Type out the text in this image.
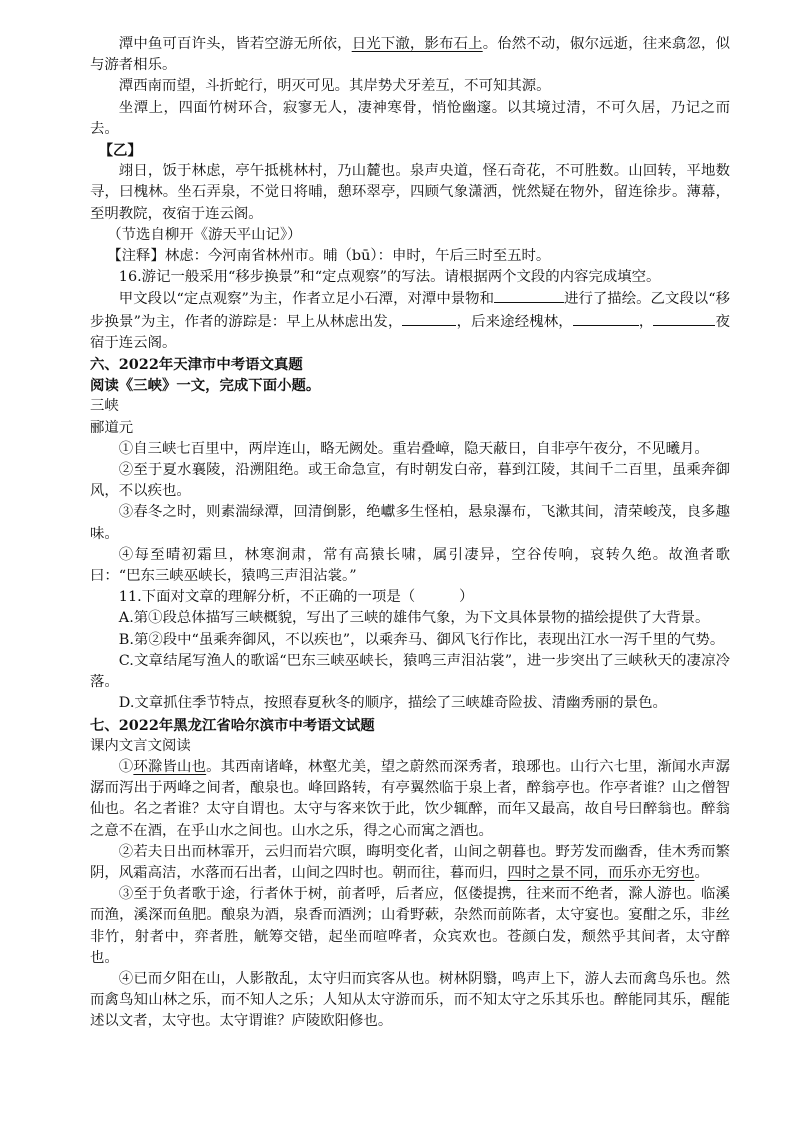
潭中鱼可百许头，皆若空游无所依，日光下澈，影布石上。佁然不动，俶尔远逝，往来翕忽，似与游者相乐。

潭西南而望，斗折蛇行，明灭可见。其岸势犬牙差互，不可知其源。

坐潭上，四面竹树环合，寂寥无人，凄神寒骨，悄怆幽邃。以其境过清，不可久居，乃记之而去。

【乙】

翊日，饭于林虑，亭午抵桃林村，乃山麓也。泉声央道，怪石奇花，不可胜数。山回转，平地数寻，曰槐林。坐石弄泉，不觉日将晡，憩环翠亭，四顾气象潇洒，恍然疑在物外，留连徐步。薄幕，至明教院，夜宿于连云阁。

（节选自柳开《游天平山记》）

【注释】林虑：今河南省林州市。晡（bū）：申时，午后三时至五时。

16.游记一般采用“移步换景”和“定点观察”的写法。请根据两个文段的内容完成填空。

甲文段以“定点观察”为主，作者立足小石潭，对潭中景物和	进行了描绘。乙文段以“移步换景”为主，作者的游踪是：早上从林虑出发，	，后来途经槐林，	，	夜宿于连云阁。

六、2022年天津市中考语文真题

阅读《三峡》一文，完成下面小题。

三峡

郦道元

①自三峡七百里中，两岸连山，略无阙处。重岩叠嶂，隐天蔽日，自非亭午夜分，不见曦月。

②至于夏水襄陵，沿溯阻绝。或王命急宣，有时朝发白帝，暮到江陵，其间千二百里，虽乘奔御风，不以疾也。

③春冬之时，则素湍绿潭，回清倒影，绝巘多生怪柏，悬泉瀑布，飞漱其间，清荣峻茂，良多趣味。

④每至晴初霜旦，林寒涧肃，常有高猿长啸，属引凄异，空谷传响，哀转久绝。故渔者歌曰：“巴东三峡巫峡长，猿鸣三声泪沾裳。”

11.下面对文章的理解分析，不正确的一项是（	）

A.第①段总体描写三峡概貌，写出了三峡的雄伟气象，为下文具体景物的描绘提供了大背景。

B.第②段中“虽乘奔御风，不以疾也”，以乘奔马、御风飞行作比，表现出江水一泻千里的气势。

C.文章结尾写渔人的歌谣“巴东三峡巫峡长，猿鸣三声泪沾裳”，进一步突出了三峡秋天的凄凉冷落。

D.文章抓住季节特点，按照春夏秋冬的顺序，描绘了三峡雄奇险拔、清幽秀丽的景色。

七、2022年黑龙江省哈尔滨市中考语文试题

课内文言文阅读

①环滁皆山也。其西南诸峰，林壑尤美，望之蔚然而深秀者，琅琊也。山行六七里，渐闻水声潺潺而泻出于两峰之间者，酿泉也。峰回路转，有亭翼然临于泉上者，醉翁亭也。作亭者谁？山之僧智仙也。名之者谁？太守自谓也。太守与客来饮于此，饮少辄醉，而年又最高，故自号曰醉翁也。醉翁之意不在酒，在乎山水之间也。山水之乐，得之心而寓之酒也。

②若夫日出而林霏开，云归而岩穴暝，晦明变化者，山间之朝暮也。野芳发而幽香，佳木秀而繁阴，风霜高洁，水落而石出者，山间之四时也。朝而往，暮而归，四时之景不同，而乐亦无穷也。

③至于负者歌于途，行者休于树，前者呼，后者应，伛偻提携，往来而不绝者，滁人游也。临溪而渔，溪深而鱼肥。酿泉为酒，泉香而酒洌；山肴野蔌，杂然而前陈者，太守宴也。宴酣之乐，非丝非竹，射者中，弈者胜，觥筹交错，起坐而喧哗者，众宾欢也。苍颜白发，颓然乎其间者，太守醉也。

④已而夕阳在山，人影散乱，太守归而宾客从也。树林阴翳，鸣声上下，游人去而禽鸟乐也。然而禽鸟知山林之乐，而不知人之乐；人知从太守游而乐，而不知太守之乐其乐也。醉能同其乐，醒能述以文者，太守也。太守谓谁？庐陵欧阳修也。
